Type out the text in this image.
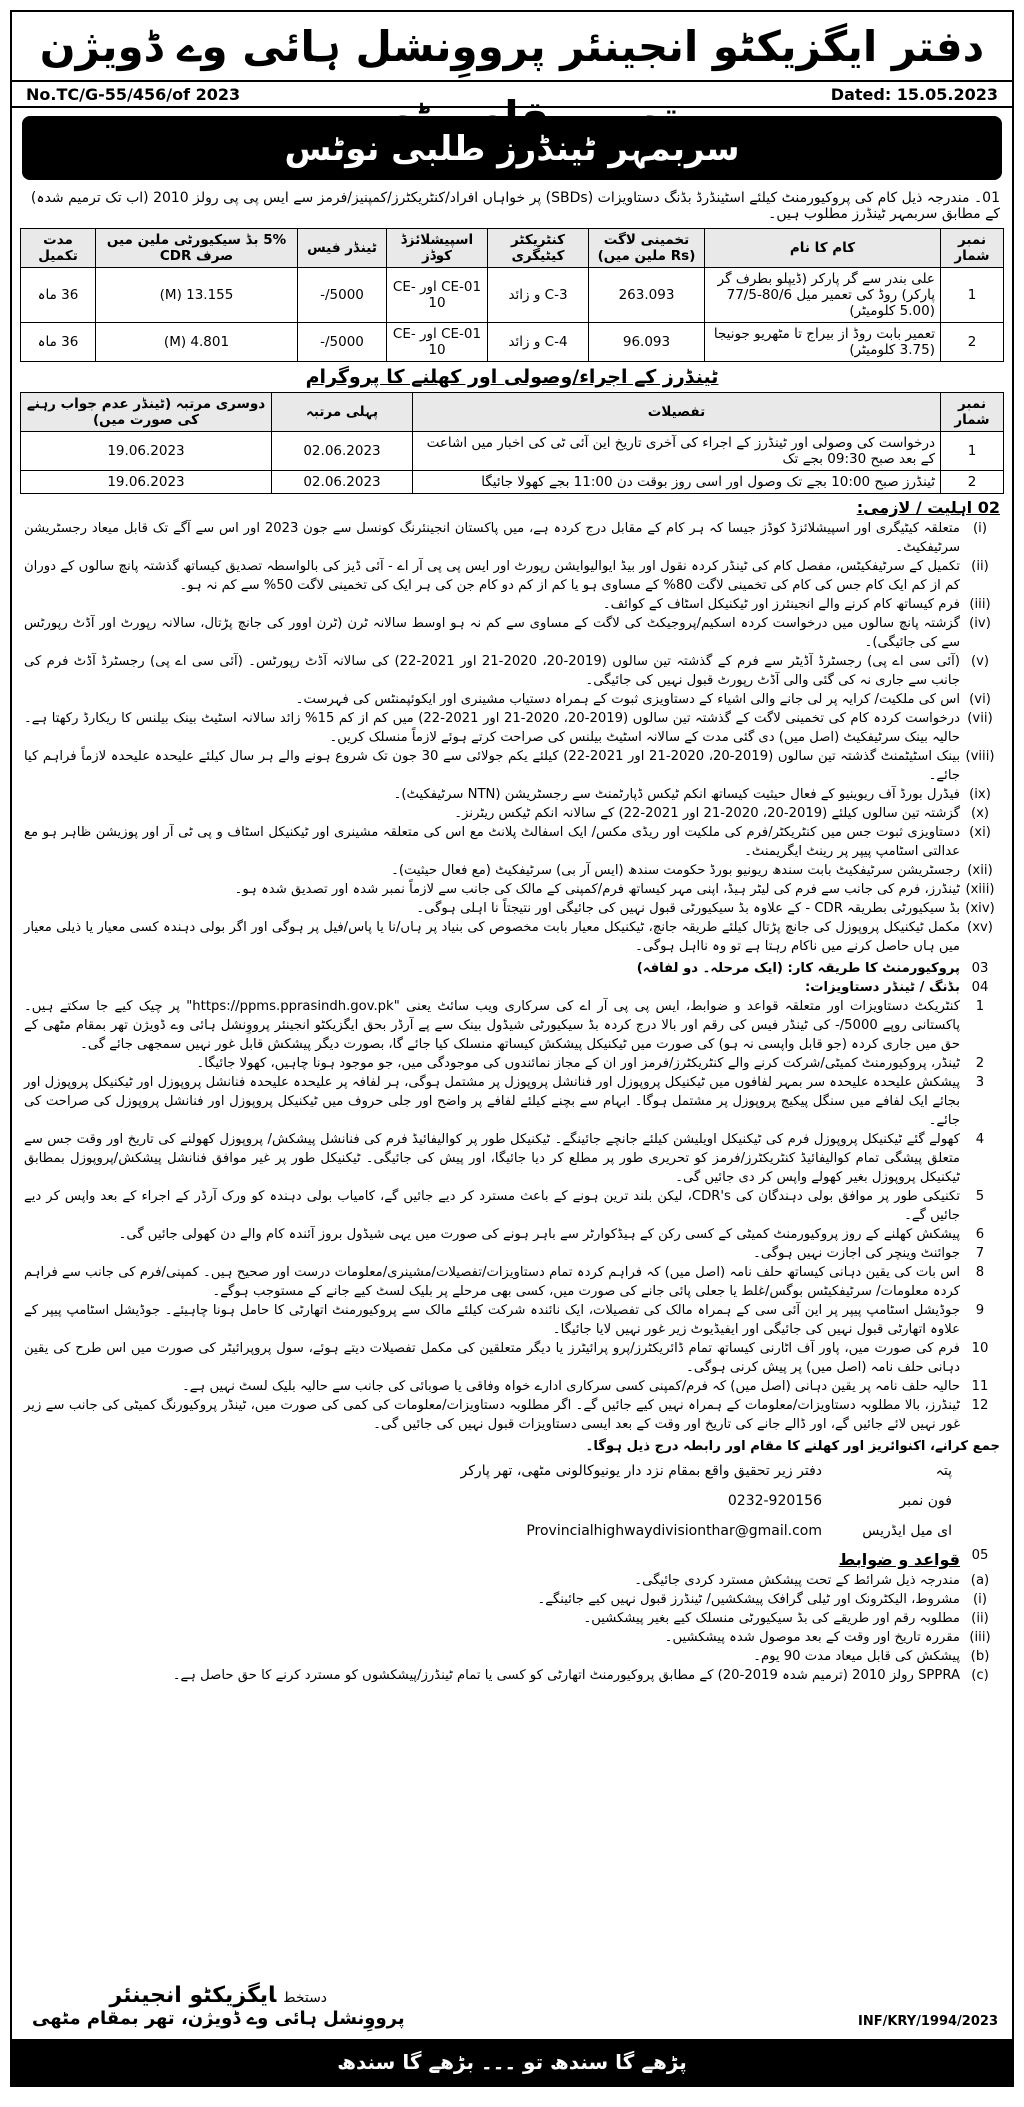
دفتر ایگزیکٹو انجینئر پرووِنشل ہائی وے ڈویژن تھر بمقام مٹھی
No.TC/G-55/456/of 2023	Dated: 15.05.2023
سربمہر ٹینڈرز طلبی نوٹس
01۔ مندرجہ ذیل کام کی پروکیورمنٹ کیلئے اسٹینڈرڈ بڈنگ دستاویزات (SBDs) پر خواہاں افراد/کنٹریکٹرز/کمپنیز/فرمز سے ایس پی پی رولز 2010 (اب تک ترمیم شدہ) کے مطابق سربمہر ٹینڈرز مطلوب ہیں۔
نمبر شمار	کام کا نام	تخمینی لاگت (Rs ملین میں)	کنٹریکٹر کیٹیگری	اسپیشلائزڈ کوڈز	ٹینڈر فیس	5% بڈ سیکیورٹی ملین میں صرف CDR	مدت تکمیل
1	علی بندر سے گر پارکر (ڈیپلو بطرف گر پارکر) روڈ کی تعمیر میل 80/6-77/5 (5.00 کلومیٹر)	263.093	C-3 و زائد	CE-01 اور CE-10	5000/-	13.155 (M)	36 ماہ
2	تعمیر بابت روڈ از بیراج تا مٹھریو جونیجا (3.75 کلومیٹر)	96.093	C-4 و زائد	CE-01 اور CE-10	5000/-	4.801 (M)	36 ماہ
ٹینڈرز کے اجراء/وصولی اور کھلنے کا پروگرام
نمبر شمار	تفصیلات	پہلی مرتبہ	دوسری مرتبہ (ٹینڈر عدم جواب رہنے کی صورت میں)
1	درخواست کی وصولی اور ٹینڈرز کے اجراء کی آخری تاریخ این آئی ٹی کی اخبار میں اشاعت کے بعد صبح 09:30 بجے تک	02.06.2023	19.06.2023
2	ٹینڈرز صبح 10:00 بجے تک وصول اور اسی روز بوقت دن 11:00 بجے کھولا جائیگا	02.06.2023	19.06.2023
02 اہلیت / لازمی:
(i)
متعلقہ کیٹیگری اور اسپیشلائزڈ کوڈز جیسا کہ ہر کام کے مقابل درج کردہ ہے، میں پاکستان انجینئرنگ کونسل سے جون 2023 اور اس سے آگے تک قابل میعاد رجسٹریشن سرٹیفکیٹ۔
(ii)
تکمیل کے سرٹیفکیٹس، مفصل کام کی ٹینڈر کردہ نقول اور بیڈ ایوالیوایشن رپورٹ اور ایس پی پی آر اے - آئی ڈیز کی بالواسطہ تصدیق کیساتھ گذشتہ پانچ سالوں کے دوران کم از کم ایک کام جس کی کام کی تخمینی لاگت 80% کے مساوی ہو یا کم از کم دو کام جن کی ہر ایک کی تخمینی لاگت 50% سے کم نہ ہو۔
(iii)
فرم کیساتھ کام کرنے والے انجینئرز اور ٹیکنیکل اسٹاف کے کوائف۔
(iv)
گزشتہ پانچ سالوں میں درخواست کردہ اسکیم/پروجیکٹ کی لاگت کے مساوی سے کم نہ ہو اوسط سالانہ ٹرن (ٹرن اوور کی جانچ پڑتال، سالانہ رپورٹ اور آڈٹ رپورٹس سے کی جائیگی)۔
(v)
(آئی سی اے پی) رجسٹرڈ آڈیٹر سے فرم کے گذشتہ تین سالوں (2019-20، 2020-21 اور 2021-22) کی سالانہ آڈٹ رپورٹس۔ (آئی سی اے پی) رجسٹرڈ آڈٹ فرم کی جانب سے جاری نہ کی گئی والی آڈٹ رپورٹ قبول نہیں کی جائیگی۔
(vi)
اس کی ملکیت/ کرایہ پر لی جانے والی اشیاء کے دستاویزی ثبوت کے ہمراہ دستیاب مشینری اور ایکوئپمنٹس کی فہرست۔
(vii)
درخواست کردہ کام کی تخمینی لاگت کے گذشتہ تین سالوں (2019-20، 2020-21 اور 2021-22) میں کم از کم 15% زائد سالانہ اسٹیٹ بینک بیلنس کا ریکارڈ رکھتا ہے۔ حالیہ بینک سرٹیفکیٹ (اصل میں) دی گئی مدت کے سالانہ اسٹیٹ بیلنس کی صراحت کرتے ہوئے لازماً منسلک کریں۔
(viii)
بینک اسٹیٹمنٹ گذشتہ تین سالوں (2019-20، 2020-21 اور 2021-22) کیلئے یکم جولائی سے 30 جون تک شروع ہونے والے ہر سال کیلئے علیحدہ علیحدہ لازماً فراہم کیا جائے۔
(ix)
فیڈرل بورڈ آف ریوینیو کے فعال حیثیت کیساتھ انکم ٹیکس ڈپارٹمنٹ سے رجسٹریشن (NTN سرٹیفکیٹ)۔
(x)
گزشتہ تین سالوں کیلئے (2019-20، 2020-21 اور 2021-22) کے سالانہ انکم ٹیکس ریٹرنز۔
(xi)
دستاویزی ثبوت جس میں کنٹریکٹر/فرم کی ملکیت اور ریڈی مکس/ ایک اسفالٹ پلانٹ مع اس کی متعلقہ مشینری اور ٹیکنیکل اسٹاف و پی ٹی آر اور پوزیشن ظاہر ہو مع عدالتی اسٹامپ پیپر پر رینٹ ایگریمنٹ۔
(xii)
رجسٹریشن سرٹیفکیٹ بابت سندھ ریونیو بورڈ حکومت سندھ (ایس آر بی) سرٹیفکیٹ (مع فعال حیثیت)۔
(xiii)
ٹینڈرز، فرم کی جانب سے فرم کی لیٹر ہیڈ، اپنی مہر کیساتھ فرم/کمپنی کے مالک کی جانب سے لازماً نمبر شدہ اور تصدیق شدہ ہو۔
(xiv)
بڈ سیکیورٹی بطریقہ CDR - کے علاوہ بڈ سیکیورٹی قبول نہیں کی جائیگی اور نتیجتاً نا اہلی ہوگی۔
(xv)
مکمل ٹیکنیکل پروپوزل کی جانچ پڑتال کیلئے طریقہ جانچ، ٹیکنیکل معیار بابت مخصوص کی بنیاد پر ہاں/نا یا پاس/فیل پر ہوگی اور اگر بولی دہندہ کسی معیار یا ذیلی معیار میں ہاں حاصل کرنے میں ناکام رہتا ہے تو وہ نااہل ہوگی۔
03
پروکیورمنٹ کا طریقہ کار: (ایک مرحلہ۔ دو لفافہ)
04
بڈنگ / ٹینڈر دستاویزات:
1
کنٹریکٹ دستاویزات اور متعلقہ قواعد و ضوابط، ایس پی پی آر اے کی سرکاری ویب سائٹ یعنی "https://ppms.pprasindh.gov.pk" پر چیک کیے جا سکتے ہیں۔ پاکستانی روپے 5000/- کی ٹینڈر فیس کی رقم اور بالا درج کردہ بڈ سیکیورٹی شیڈول بینک سے پے آرڈر بحق ایگزیکٹو انجینئر پرووِنشل ہائی وے ڈویژن تھر بمقام مٹھی کے حق میں جاری کردہ (جو قابل واپسی نہ ہو) کی صورت میں ٹیکنیکل پیشکش کیساتھ منسلک کیا جائے گا، بصورت دیگر پیشکش قابل غور نہیں سمجھی جائے گی۔
2
ٹینڈر، پروکیورمنٹ کمیٹی/شرکت کرنے والے کنٹریکٹرز/فرمز اور ان کے مجاز نمائندوں کی موجودگی میں، جو موجود ہونا چاہیں، کھولا جائیگا۔
3
پیشکش علیحدہ علیحدہ سر بمہر لفافوں میں ٹیکنیکل پروپوزل اور فنانشل پروپوزل پر مشتمل ہوگی، ہر لفافہ پر علیحدہ علیحدہ فنانشل پروپوزل اور ٹیکنیکل پروپوزل اور بجائے ایک لفافے میں سنگل پیکیج پروپوزل پر مشتمل ہوگا۔ ابہام سے بچنے کیلئے لفافے پر واضح اور جلی حروف میں ٹیکنیکل پروپوزل اور فنانشل پروپوزل کی صراحت کی جائے۔
4
کھولے گئے ٹیکنیکل پروپوزل فرم کی ٹیکنیکل اویلیشن کیلئے جانچے جائینگے۔ ٹیکنیکل طور پر کوالیفائیڈ فرم کی فنانشل پیشکش/ پروپوزل کھولنے کی تاریخ اور وقت جس سے متعلق پیشگی تمام کوالیفائیڈ کنٹریکٹرز/فرمز کو تحریری طور پر مطلع کر دیا جائیگا، اور پیش کی جائیگی۔ ٹیکنیکل طور پر غیر موافق فنانشل پیشکش/پروپوزل بمطابق ٹیکنیکل پروپوزل بغیر کھولے واپس کر دی جائیں گی۔
5
تکنیکی طور پر موافق بولی دہندگان کی CDR's، لیکن بلند ترین ہونے کے باعث مسترد کر دیے جائیں گے، کامیاب بولی دہندہ کو ورک آرڈر کے اجراء کے بعد واپس کر دیے جائیں گے۔
6
پیشکش کھلنے کے روز پروکیورمنٹ کمیٹی کے کسی رکن کے ہیڈکوارٹر سے باہر ہونے کی صورت میں یہی شیڈول بروز آئندہ کام والے دن کھولی جائیں گی۔
7
جوائنٹ وینچر کی اجازت نہیں ہوگی۔
8
اس بات کی یقین دہانی کیساتھ حلف نامہ (اصل میں) کہ فراہم کردہ تمام دستاویزات/تفصیلات/مشینری/معلومات درست اور صحیح ہیں۔ کمپنی/فرم کی جانب سے فراہم کردہ معلومات/ سرٹیفکیٹس بوگس/غلط یا جعلی پائی جانے کی صورت میں، کسی بھی مرحلے پر بلیک لسٹ کیے جانے کے مستوجب ہوگے۔
9
جوڈیشل اسٹامپ پیپر پر این آئی سی کے ہمراہ مالک کی تفصیلات، ایک نائندہ شرکت کیلئے مالک سے پروکیورمنٹ اتھارٹی کا حامل ہونا چاہیئے۔ جوڈیشل اسٹامپ پیپر کے علاوہ اتھارٹی قبول نہیں کی جائیگی اور ایفیڈیوٹ زیر غور نہیں لایا جائیگا۔
10
فرم کی صورت میں، پاور آف اٹارنی کیساتھ تمام ڈائریکٹرز/پرو پرائیٹرز یا دیگر متعلقین کی مکمل تفصیلات دیتے ہوئے، سول پروپرائیٹر کی صورت میں اس طرح کی یقین دہانی حلف نامہ (اصل میں) پر پیش کرنی ہوگی۔
11
حالیہ حلف نامہ پر یقین دہانی (اصل میں) کہ فرم/کمپنی کسی سرکاری ادارے خواہ وفاقی یا صوبائی کی جانب سے حالیہ بلیک لسٹ نہیں ہے۔
12
ٹینڈرز، بالا مطلوبہ دستاویزات/معلومات کے ہمراہ نہیں کیے جائیں گے۔ اگر مطلوبہ دستاویزات/معلومات کی کمی کی صورت میں، ٹینڈر پروکیورنگ کمیٹی کی جانب سے زیر غور نہیں لائے جائیں گے، اور ڈالے جانے کی تاریخ اور وقت کے بعد ایسی دستاویزات قبول نہیں کی جائیں گی۔
جمع کرانے، اکنوائریز اور کھلنے کا مقام اور رابطہ درج ذیل ہوگا۔
پتہ
دفتر زیر تحقیق واقع بمقام نزد دار یونیوکالونی مٹھی، تھر پارکر
فون نمبر
0232-920156
ای میل ایڈریس
Provincialhighwaydivisionthar@gmail.com
05
قواعد و ضوابط
(a)
مندرجہ ذیل شرائط کے تحت پیشکش مسترد کردی جائیگی۔
(i)
مشروط، الیکٹرونک اور ٹیلی گرافک پیشکشیں/ ٹینڈرز قبول نہیں کیے جائینگے۔
(ii)
مطلوبہ رقم اور طریقے کی بڈ سیکیورٹی منسلک کیے بغیر پیشکشیں۔
(iii)
مقررہ تاریخ اور وقت کے بعد موصول شدہ پیشکشیں۔
(b)
پیشکش کی قابل میعاد مدت 90 یوم۔
(c)
SPPRA رولز 2010 (ترمیم شدہ 2019-20) کے مطابق پروکیورمنٹ اتھارٹی کو کسی یا تمام ٹینڈرز/پیشکشوں کو مسترد کرنے کا حق حاصل ہے۔
دستخطایگزیکٹو انجینئر
پرووِنشل ہائی وے ڈویژن، تھر بمقام مٹھی	INF/KRY/1994/2023
پڑھے گا سندھ تو ۔۔۔ بڑھے گا سندھ
